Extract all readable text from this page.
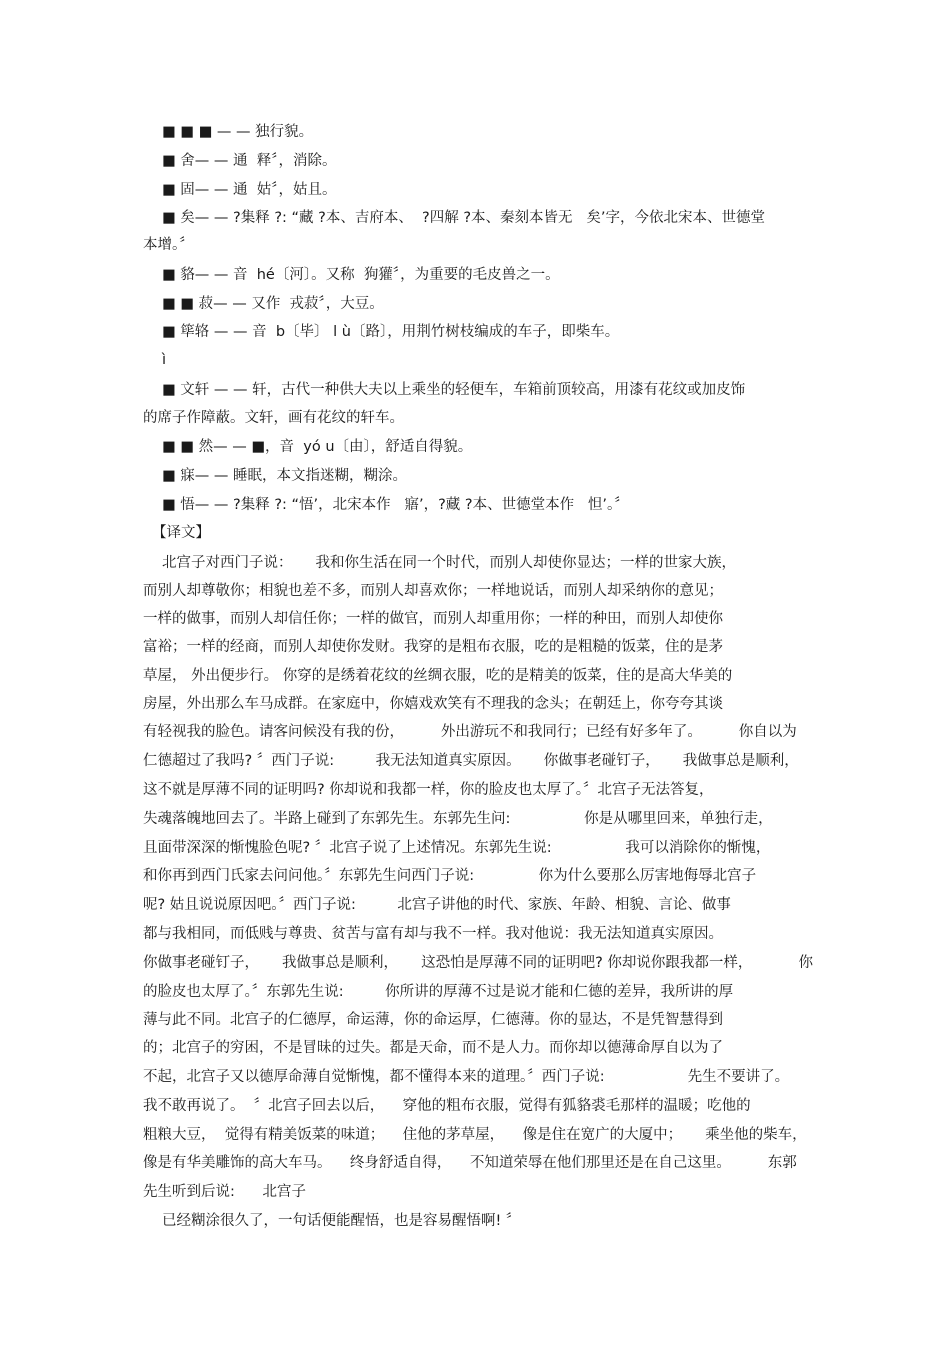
■ ■ ■ — — 独行貌。
■ 舍— — 通  释〞，消除。
■ 固— — 通  姑〞，姑且。
■ 矣— — ?集释 ?: “藏 ?本、吉府本、  ?四解 ?本、秦刻本皆无   矣’字，今依北宋本、世德堂
本增。〞
■ 貉— — 音  hé〔河〕。又称  狗獾〞，为重要的毛皮兽之一。
■ ■ 菽— — 又作  戎菽〞，大豆。
■ 筚辂 — — 音  b〔毕〕 l ù〔路〕，用荆竹树枝编成的车子，即柴车。
ì
■ 文轩 — — 轩，古代一种供大夫以上乘坐的轻便车，车箱前顶较高，用漆有花纹或加皮饰
的席子作障蔽。文轩，画有花纹的轩车。
■ ■ 然— — ■，音  yó u〔由〕，舒适自得貌。
■ 寐— — 睡眠，本文指迷糊，糊涂。
■ 悟— — ?集释 ?: “悟’，北宋本作   寤’，?藏 ?本、世德堂本作   怛’。〞
【译文】
北宫子对西门子说：     我和你生活在同一个时代，而别人却使你显达；一样的世家大族，
而别人却尊敬你；相貌也差不多，而别人却喜欢你；一样地说话，而别人却采纳你的意见；
一样的做事，而别人却信任你；一样的做官，而别人却重用你；一样的种田，而别人却使你
富裕；一样的经商，而别人却使你发财。我穿的是粗布衣服，吃的是粗糙的饭菜，住的是茅
草屋， 外出便步行。 你穿的是绣着花纹的丝绸衣服，吃的是精美的饭菜，住的是高大华美的
房屋，外出那么车马成群。在家庭中，你嬉戏欢笑有不理我的念头；在朝廷上，你夸夸其谈
有轻视我的脸色。请客问候没有我的份，        外出游玩不和我同行；已经有好多年了。        你自以为
仁德超过了我吗? 〞西门子说:         我无法知道真实原因。     你做事老碰钉子，     我做事总是顺利，
这不就是厚薄不同的证明吗? 你却说和我都一样，你的脸皮也太厚了。〞北宫子无法答复，
失魂落魄地回去了。半路上碰到了东郭先生。东郭先生问:                你是从哪里回来，单独行走，
且面带深深的惭愧脸色呢? 〞北宫子说了上述情况。东郭先生说:                我可以消除你的惭愧，
和你再到西门氏家去问问他。〞东郭先生问西门子说:              你为什么要那么厉害地侮辱北宫子
呢? 姑且说说原因吧。〞西门子说:         北宫子讲他的时代、家族、年龄、相貌、言论、做事
都与我相同，而低贱与尊贵、贫苦与富有却与我不一样。我对他说：我无法知道真实原因。
你做事老碰钉子，     我做事总是顺利，     这恐怕是厚薄不同的证明吧? 你却说你跟我都一样，          你
的脸皮也太厚了。〞东郭先生说:         你所讲的厚薄不过是说才能和仁德的差异，我所讲的厚
薄与此不同。北宫子的仁德厚，命运薄，你的命运厚，仁德薄。你的显达，不是凭智慧得到
的；北宫子的穷困，不是冒昧的过失。都是天命，而不是人力。而你却以德薄命厚自以为了
不起，北宫子又以德厚命薄自觉惭愧，都不懂得本来的道理。〞西门子说:                  先生不要讲了。
我不敢再说了。  〞北宫子回去以后，    穿他的粗布衣服，觉得有狐貉裘毛那样的温暖；吃他的
粗粮大豆，  觉得有精美饭菜的味道；    住他的茅草屋，    像是住在宽广的大厦中；     乘坐他的柴车，
像是有华美雕饰的高大车马。    终身舒适自得，    不知道荣辱在他们那里还是在自己这里。        东郭
先生听到后说:      北宫子
已经糊涂很久了，一句话便能醒悟，也是容易醒悟啊! 〞
